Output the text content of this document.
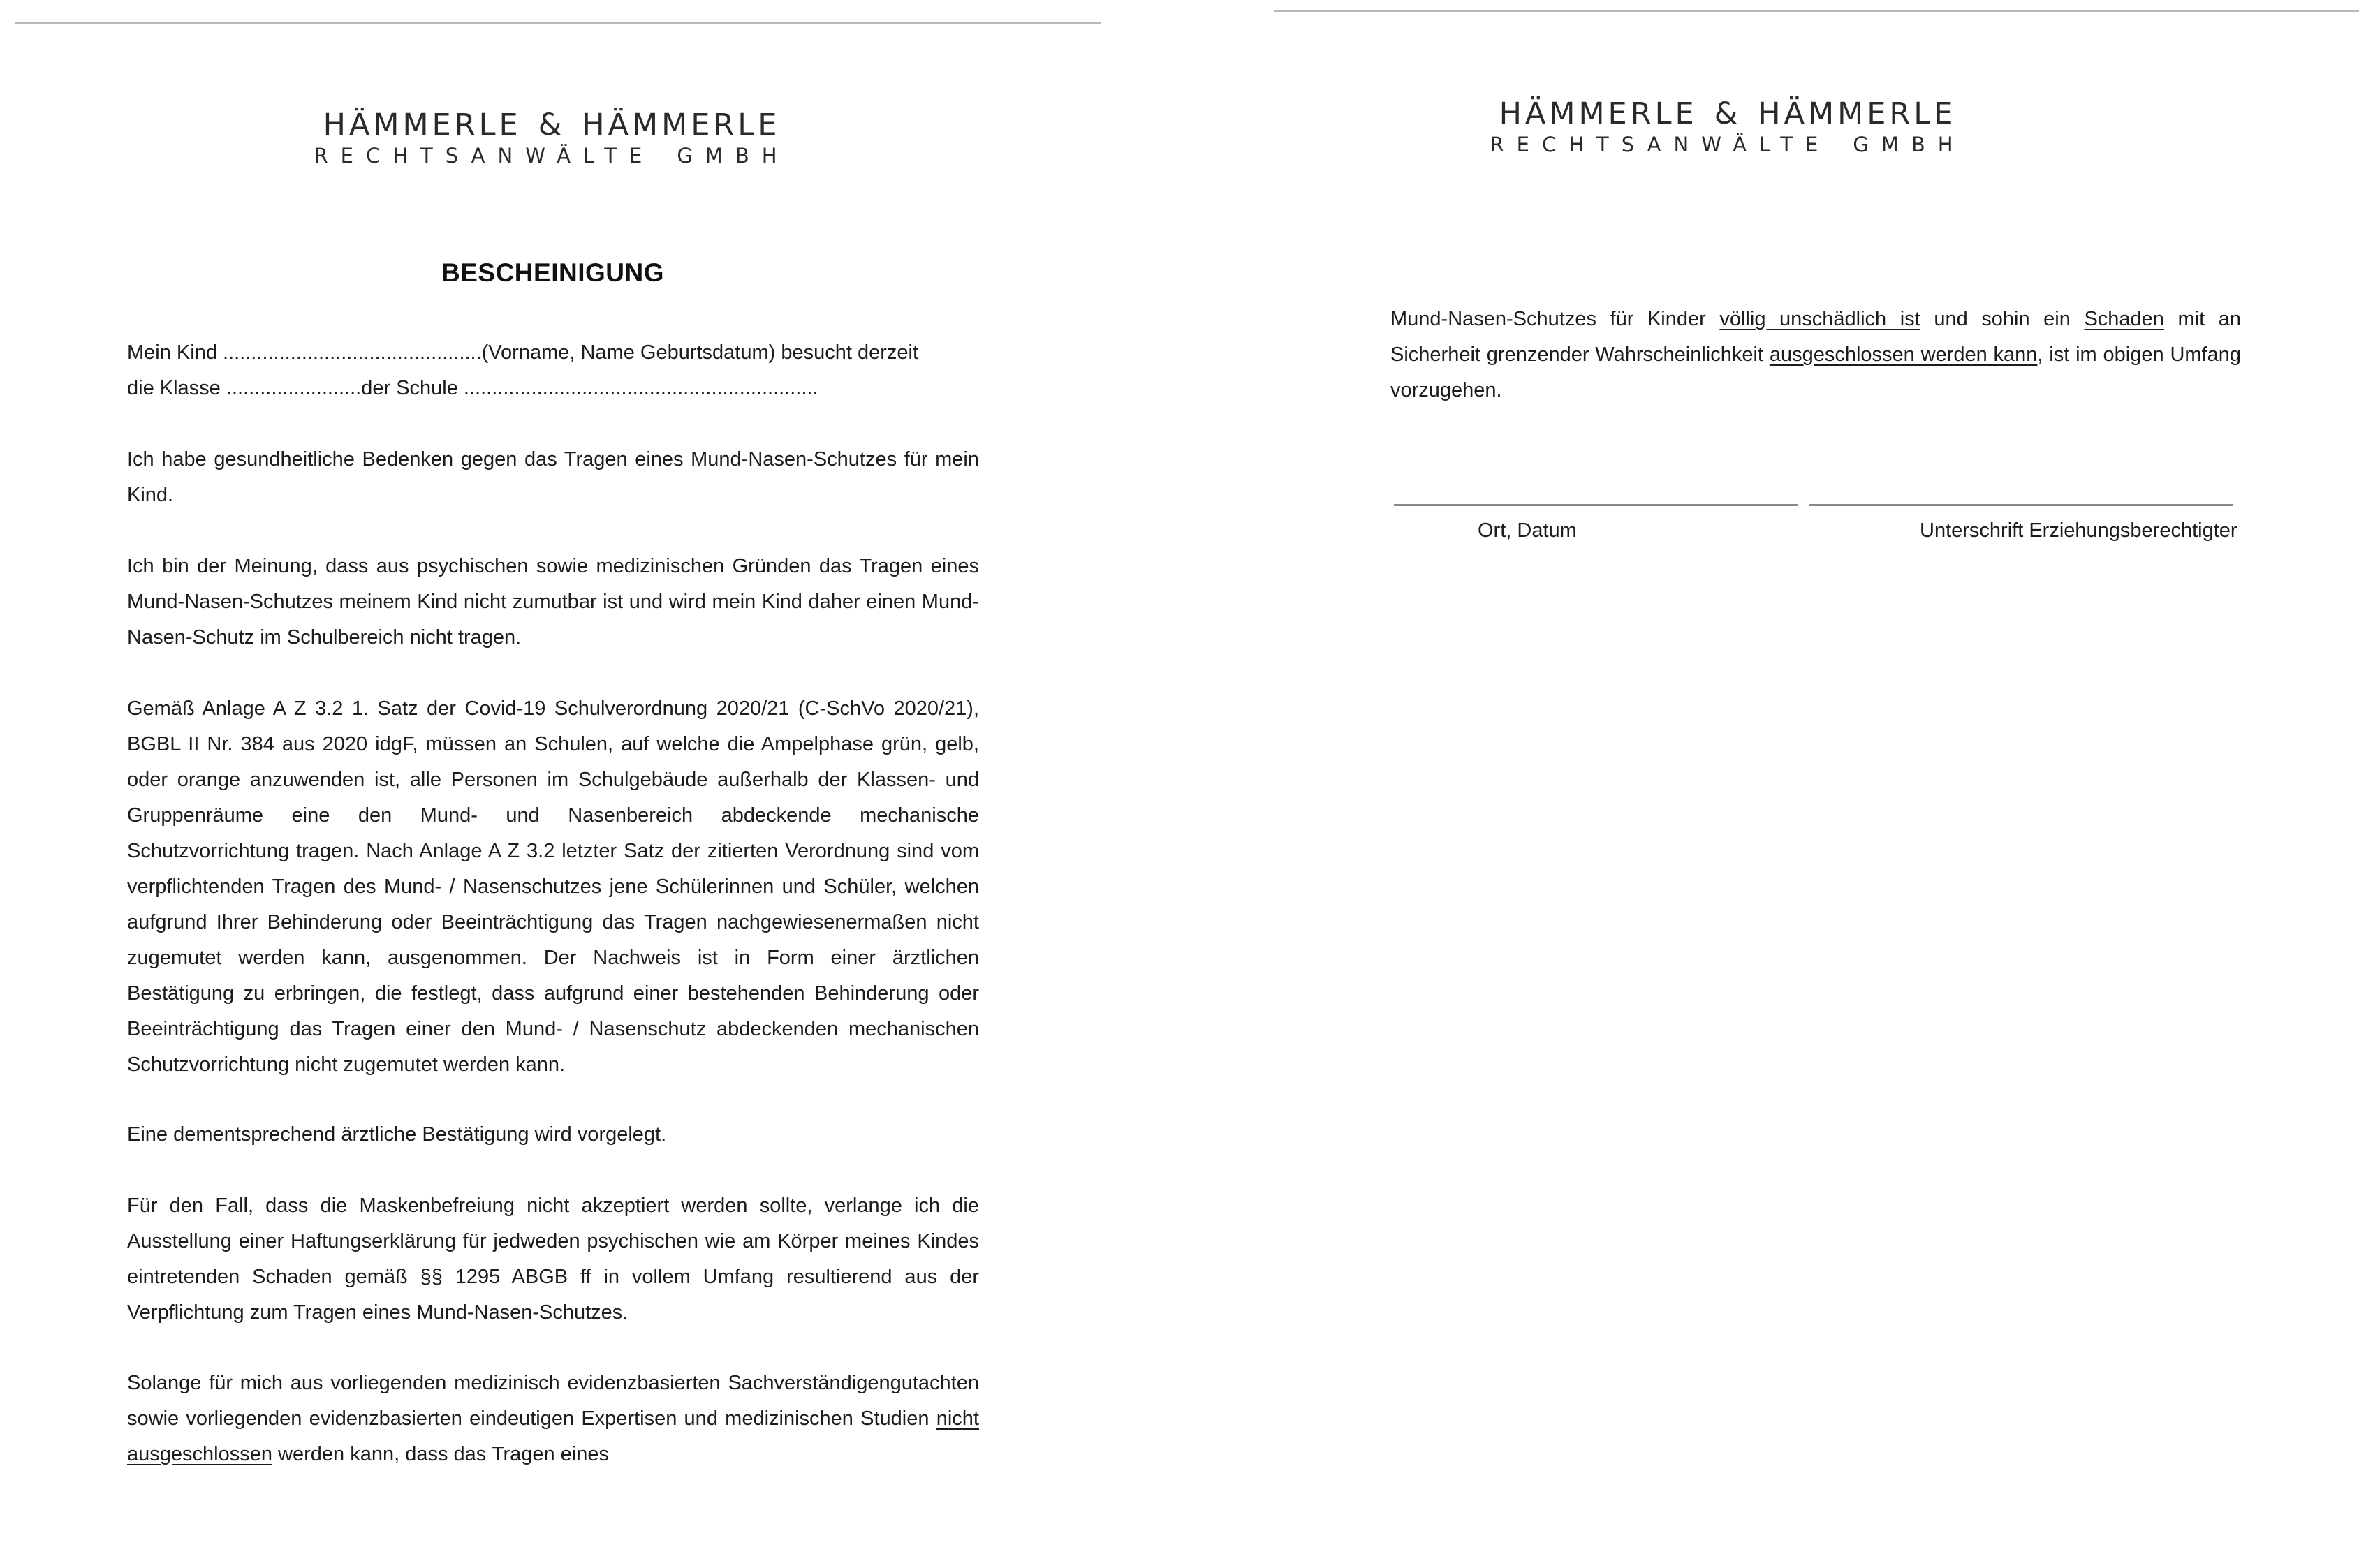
HÄMMERLE & HÄMMERLE
RECHTSANWÄLTE GMBH
BESCHEINIGUNG
Mein Kind ..............................................(Vorname, Name Geburtsdatum) besucht derzeit
die Klasse ........................der Schule ...............................................................
Ich habe gesundheitliche Bedenken gegen das Tragen eines Mund-Nasen-Schutzes für mein Kind.
Ich bin der Meinung, dass aus psychischen sowie medizinischen Gründen das Tragen eines Mund-Nasen-Schutzes meinem Kind nicht zumutbar ist und wird mein Kind daher einen Mund-Nasen-Schutz im Schulbereich nicht tragen.
Gemäß Anlage A Z 3.2 1. Satz der Covid-19 Schulverordnung 2020/21 (C-SchVo 2020/21), BGBL II Nr. 384 aus 2020 idgF, müssen an Schulen, auf welche die Ampelphase grün, gelb, oder orange anzuwenden ist, alle Personen im Schulgebäude außerhalb der Klassen- und Gruppenräume eine den Mund- und Nasenbereich abdeckende mechanische Schutzvorrichtung tragen. Nach Anlage A Z 3.2 letzter Satz der zitierten Verordnung sind vom verpflichtenden Tragen des Mund- / Nasenschutzes jene Schülerinnen und Schüler, welchen aufgrund Ihrer Behinderung oder Beeinträchtigung das Tragen nachgewiesenermaßen nicht zugemutet werden kann, ausgenommen. Der Nachweis ist in Form einer ärztlichen Bestätigung zu erbringen, die festlegt, dass aufgrund einer bestehenden Behinderung oder Beeinträchtigung das Tragen einer den Mund- / Nasenschutz abdeckenden mechanischen Schutzvorrichtung nicht zugemutet werden kann.
Eine dementsprechend ärztliche Bestätigung wird vorgelegt.
Für den Fall, dass die Maskenbefreiung nicht akzeptiert werden sollte, verlange ich die Ausstellung einer Haftungserklärung für jedweden psychischen wie am Körper meines Kindes eintretenden Schaden gemäß §§ 1295 ABGB ff in vollem Umfang resultierend aus der Verpflichtung zum Tragen eines Mund-Nasen-Schutzes.
Solange für mich aus vorliegenden medizinisch evidenzbasierten Sachverständigengutachten sowie vorliegenden evidenzbasierten eindeutigen Expertisen und medizinischen Studien nicht ausgeschlossen werden kann, dass das Tragen eines
HÄMMERLE & HÄMMERLE
RECHTSANWÄLTE GMBH
Mund-Nasen-Schutzes für Kinder völlig unschädlich ist und sohin ein Schaden mit an Sicherheit grenzender Wahrscheinlichkeit ausgeschlossen werden kann, ist im obigen Umfang vorzugehen.
Ort, Datum	Unterschrift Erziehungsberechtigter
